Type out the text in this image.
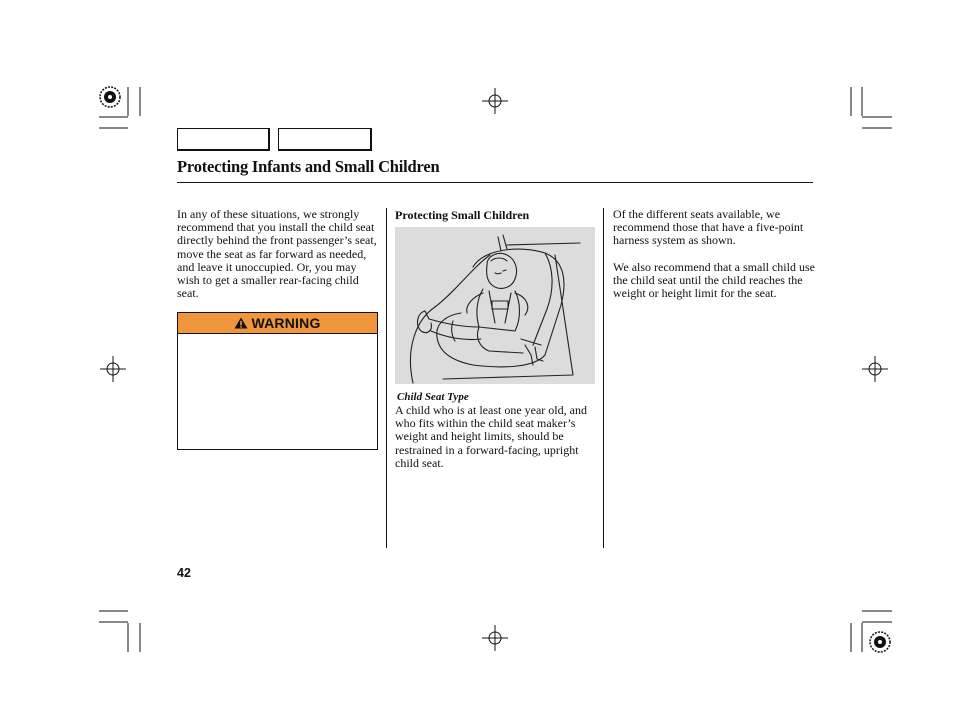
Protecting Infants and Small Children
In any of these situations, we strongly recommend that you install the child seat directly behind the front passenger’s seat, move the seat as far forward as needed, and leave it unoccupied. Or, you may wish to get a smaller rear-facing child seat.
WARNING
Protecting Small Children
Child Seat Type
A child who is at least one year old, and who fits within the child seat maker’s weight and height limits, should be restrained in a forward-facing, upright child seat.

Of the different seats available, we recommend those that have a five-point harness system as shown.

We also recommend that a small child use the child seat until the child reaches the weight or height limit for the seat.

42
